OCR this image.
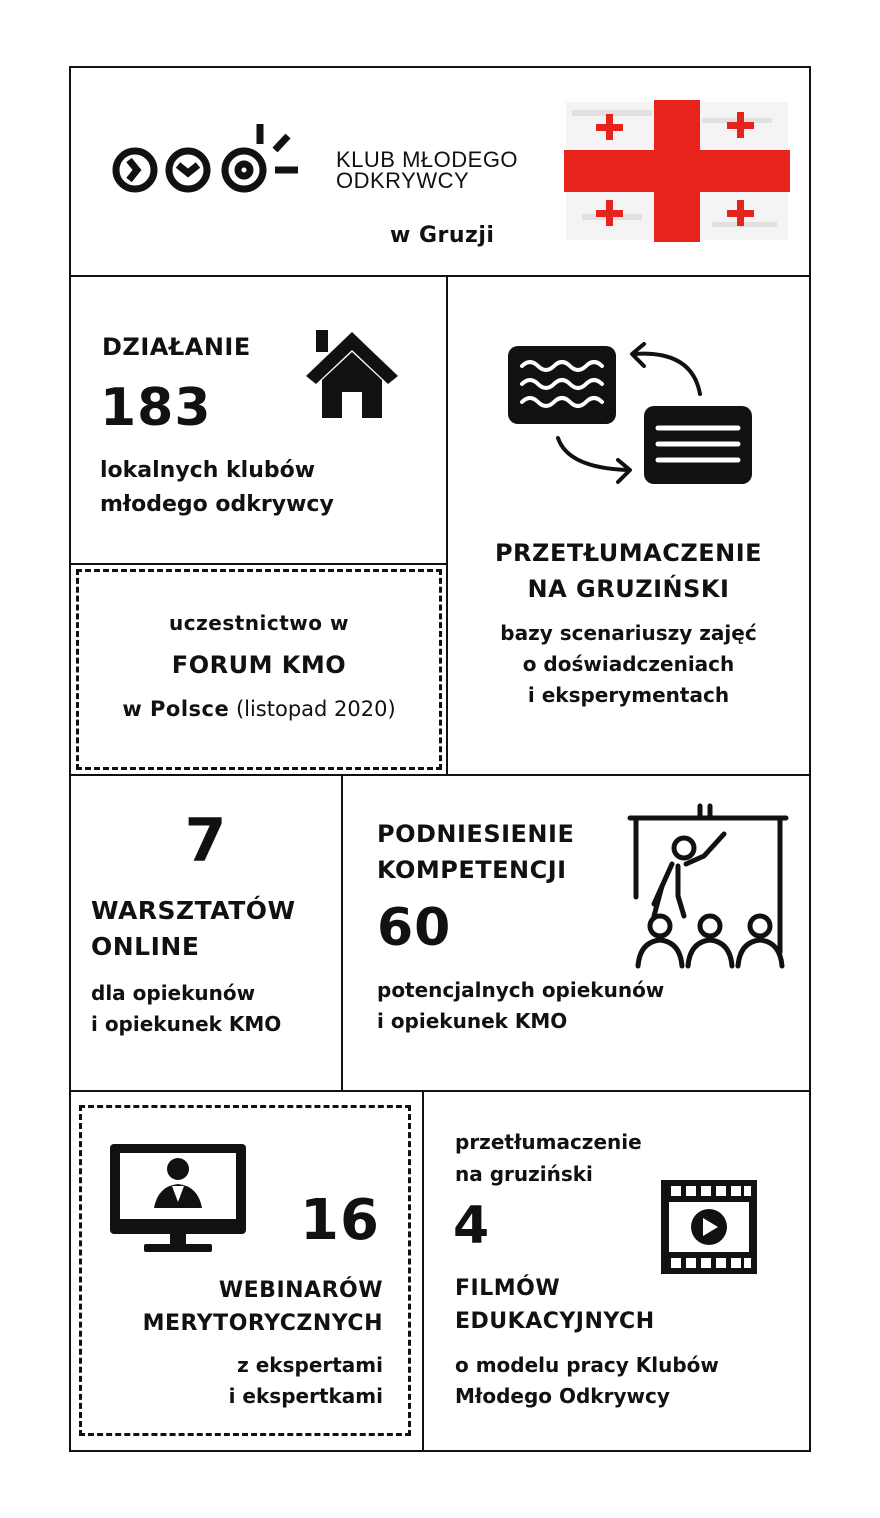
KLUB MŁODEGO
ODKRYWCY
w Gruzji
DZIAŁANIE
183
lokalnych klubów
młodego odkrywcy
uczestnictwo w
FORUM KMO
w Polsce (listopad 2020)
PRZETŁUMACZENIE
NA GRUZIŃSKI
bazy scenariuszy zajęć
o doświadczeniach
i eksperymentach
7
WARSZTATÓW
ONLINE
dla opiekunów
i opiekunek KMO
PODNIESIENIE
KOMPETENCJI
60
potencjalnych opiekunów
i opiekunek KMO
16
WEBINARÓW
MERYTORYCZNYCH
z ekspertami
i ekspertkami
przetłumaczenie
na gruziński
4
FILMÓW
EDUKACYJNYCH
o modelu pracy Klubów
Młodego Odkrywcy
